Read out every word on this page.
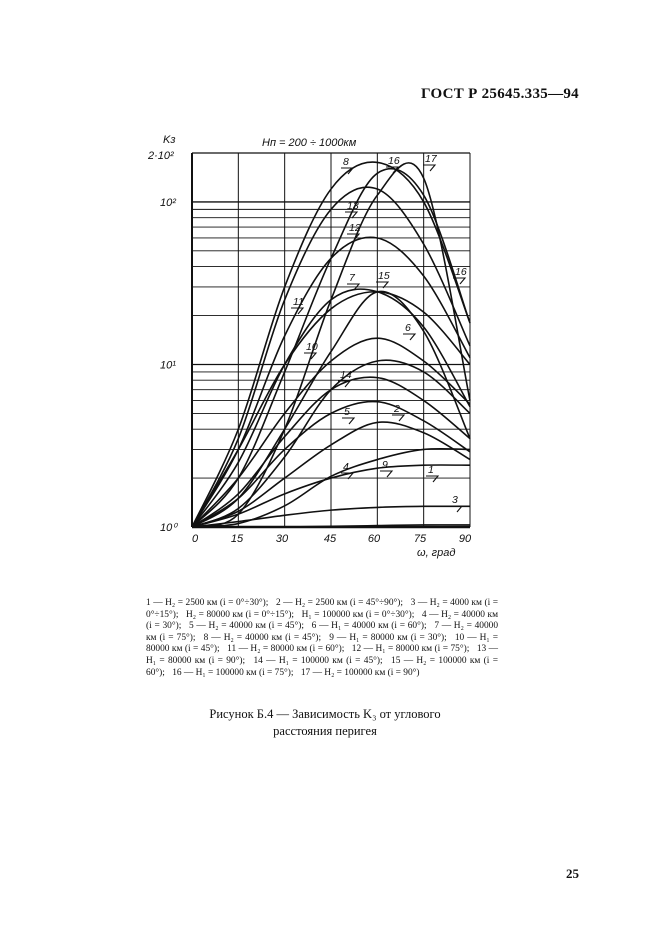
ГОСТ Р 25645.335—94
8	16 17
13
12
7 15	16
11
6
10
14
5	2
4	9	1
3
0	15	30	45	60	75	90
10⁰
10¹
10²
Hп = 200 ÷ 1000км
Kз
2·10²
ω, град
1 — H₂ = 2500 км (i = 0°÷30°); 2 — H₂ = 2500 км (i = 45°÷90°); 3 — H₂ = 4000 км (i = 0°÷15°); H₂ = 80000 км (i = 0°÷15°); H₁ = 100000 км (i = 0°÷30°); 4 — H₂ = 40000 км (i = 30°); 5 — H₂ = 40000 км (i = 45°); 6 — H₁ = 40000 км (i = 60°); 7 — H₂ = 40000 км (i = 75°); 8 — H₂ = 40000 км (i = 45°); 9 — H₁ = 80000 км (i = 30°); 10 — H₁ = 80000 км (i = 45°); 11 — H₂ = 80000 км (i = 60°); 12 — H₁ = 80000 км (i = 75°); 13 — H₁ = 80000 км (i = 90°); 14 — H₁ = 100000 км (i = 45°); 15 — H₂ = 100000 км (i = 60°); 16 — H₁ = 100000 км (i = 75°); 17 — H₂ = 100000 км (i = 90°)
Рисунок Б.4 — Зависимость K₃ от углового
расстояния перигея
25
